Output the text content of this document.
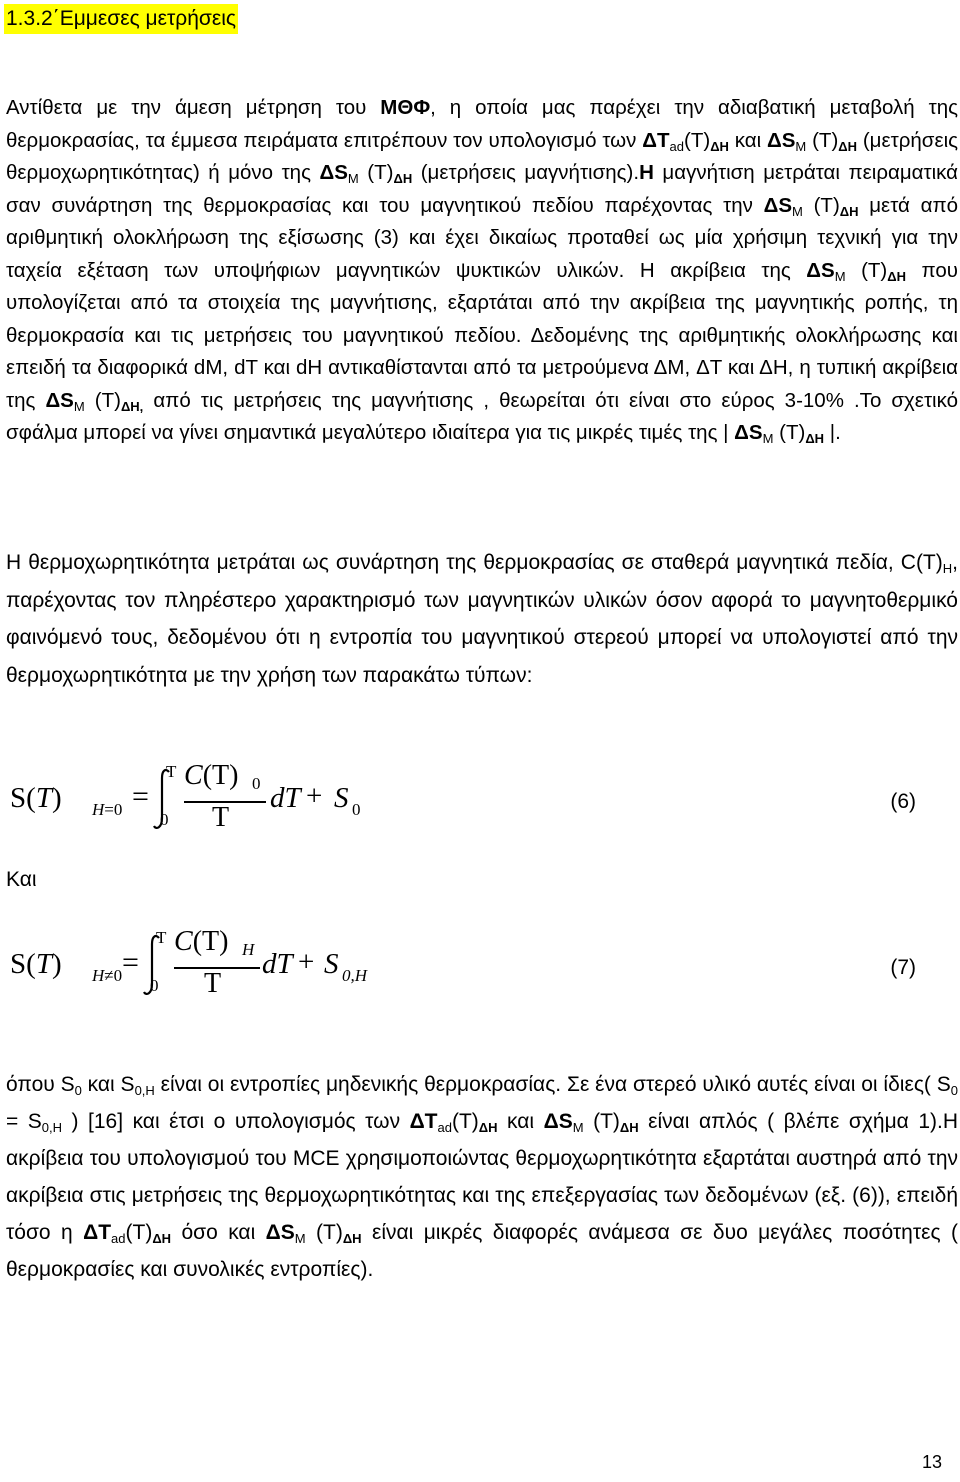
1.3.2΄Εμμεσες μετρήσεις
Αντίθετα με την άμεση μέτρηση του ΜΘΦ, η οποία μας παρέχει την αδιαβατική μεταβολή της θερμοκρασίας, τα έμμεσα πειράματα επιτρέπουν τον υπολογισμό των $\Delta T_{ad}(T)_{\Delta H}$ και $\Delta S_M$ $(T)_{\Delta H}$ (μετρήσεις θερμοχωρητικότητας) ή μόνο της $\Delta S_M$ $(T)_{\Delta H}$ (μετρήσεις μαγνήτισης).Η μαγνήτιση μετράται πειραματικά σαν συνάρτηση της θερμοκρασίας και του μαγνητικού πεδίου παρέχοντας την $\Delta S_M$ $(T)_{\Delta H}$ μετά από αριθμητική ολοκλήρωση της εξίσωσης (3) και έχει δικαίως προταθεί ως μία χρήσιμη τεχνική για την ταχεία εξέταση των υποψήφιων μαγνητικών ψυκτικών υλικών. Η ακρίβεια της $\Delta S_M$ $(T)_{\Delta H}$ που υπολογίζεται από τα στοιχεία της μαγνήτισης, εξαρτάται από την ακρίβεια της μαγνητικής ροπής, τη θερμοκρασία και τις μετρήσεις του μαγνητικού πεδίου. Δεδομένης της αριθμητικής ολοκλήρωσης και επειδή τα διαφορικά dM, dT και dH αντικαθίστανται από τα μετρούμενα ΔM, ΔT και ΔH, η τυπική ακρίβεια της $\Delta S_M$ $(T)_{\Delta H,}$ από τις μετρήσεις της μαγνήτισης , θεωρείται ότι είναι στο εύρος 3-10% .Το σχετικό σφάλμα μπορεί να γίνει σημαντικά μεγαλύτερο ιδιαίτερα για τις μικρές τιμές της | $\Delta S_M$ $(T)_{\Delta H}$ |.
Η θερμοχωρητικότητα μετράται ως συνάρτηση της θερμοκρασίας σε σταθερά μαγνητικά πεδία, $C(T)_H$, παρέχοντας τον πληρέστερο χαρακτηρισμό των μαγνητικών υλικών όσον αφορά το μαγνητοθερμικό φαινόμενό τους, δεδομένου ότι η εντροπία του μαγνητικού στερεού μπορεί να υπολογιστεί από την θερμοχωρητικότητα με την χρήση των παρακάτω τύπων:
S(T) H=0 =
T
0
C(T) 0
T
dT + S 0	(6)
Και
S(T) H≠0 =
T
0
C(T) H
T
dT + S 0,H	(7)
όπου $S_0$ και $S_{0,H}$ είναι οι εντροπίες μηδενικής θερμοκρασίας. Σε ένα στερεό υλικό αυτές είναι οι ίδιες( $S_0 = S_{0,H}$ ) [16] και έτσι ο υπολογισμός των $\Delta T_{ad}(T)_{\Delta H}$ και $\Delta S_M$ $(T)_{\Delta H}$ είναι απλός ( βλέπε σχήμα 1).Η ακρίβεια του υπολογισμού του MCE χρησιμοποιώντας θερμοχωρητικότητα εξαρτάται αυστηρά από την ακρίβεια στις μετρήσεις της θερμοχωρητικότητας και της επεξεργασίας των δεδομένων (εξ. (6)), επειδή τόσο η $\Delta T_{ad}(T)_{\Delta H}$ όσο και $\Delta S_M$ $(T)_{\Delta H}$ είναι μικρές διαφορές ανάμεσα σε δυο μεγάλες ποσότητες ( θερμοκρασίες και συνολικές εντροπίες).
13
